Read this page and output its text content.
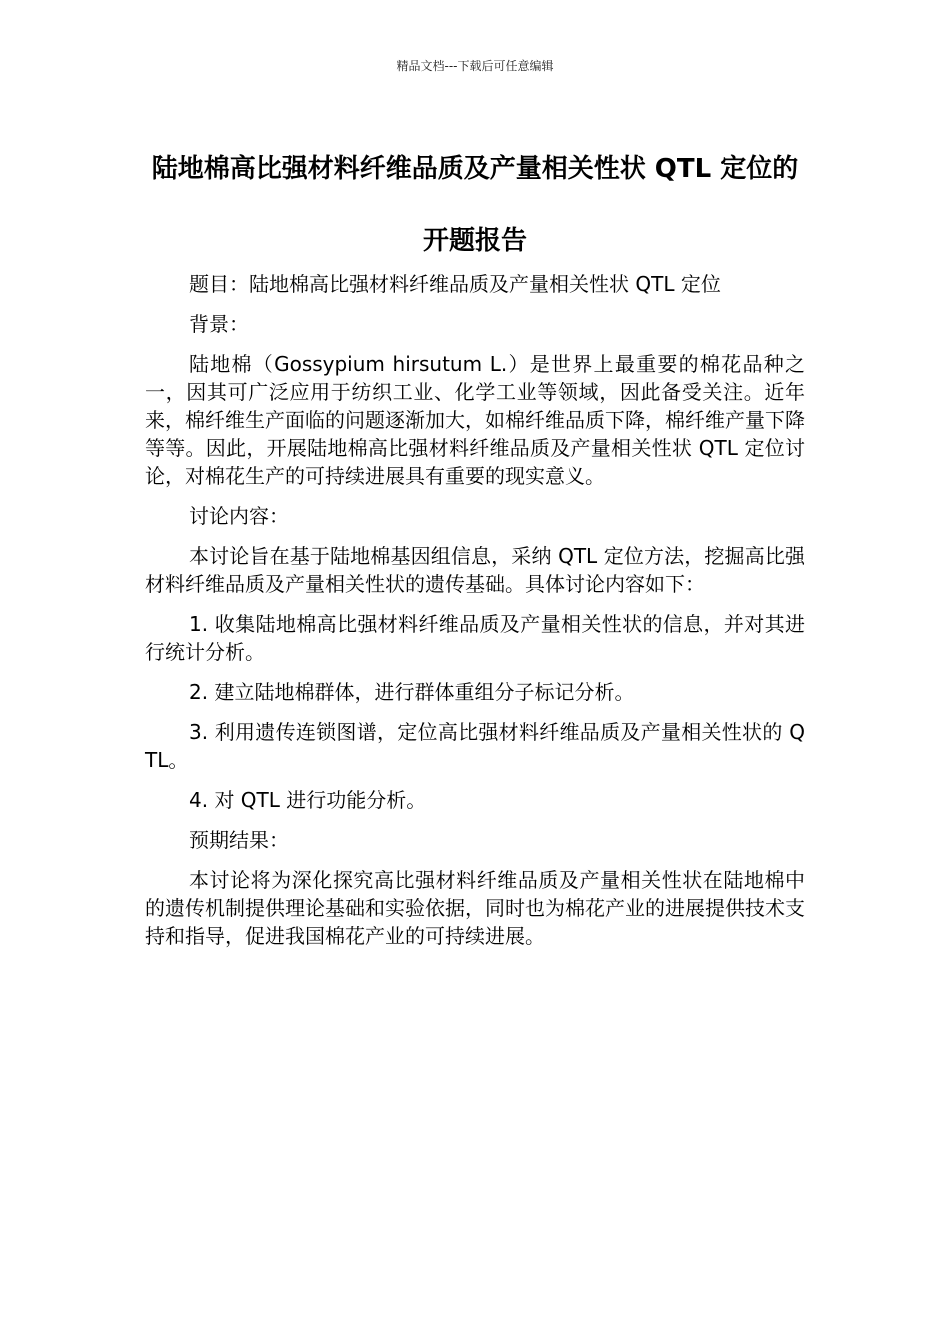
精品文档---下载后可任意编辑
陆地棉高比强材料纤维品质及产量相关性状 QTL 定位的开题报告

题目：陆地棉高比强材料纤维品质及产量相关性状 QTL 定位

背景：

陆地棉（Gossypium hirsutum L.）是世界上最重要的棉花品种之一，因其可广泛应用于纺织工业、化学工业等领域，因此备受关注。近年来，棉纤维生产面临的问题逐渐加大，如棉纤维品质下降，棉纤维产量下降等等。因此，开展陆地棉高比强材料纤维品质及产量相关性状 QTL 定位讨论，对棉花生产的可持续进展具有重要的现实意义。

讨论内容：

本讨论旨在基于陆地棉基因组信息，采纳 QTL 定位方法，挖掘高比强材料纤维品质及产量相关性状的遗传基础。具体讨论内容如下：

1. 收集陆地棉高比强材料纤维品质及产量相关性状的信息，并对其进行统计分析。

2. 建立陆地棉群体，进行群体重组分子标记分析。

3. 利用遗传连锁图谱，定位高比强材料纤维品质及产量相关性状的 QTL。

4. 对 QTL 进行功能分析。

预期结果：

本讨论将为深化探究高比强材料纤维品质及产量相关性状在陆地棉中的遗传机制提供理论基础和实验依据，同时也为棉花产业的进展提供技术支持和指导，促进我国棉花产业的可持续进展。
